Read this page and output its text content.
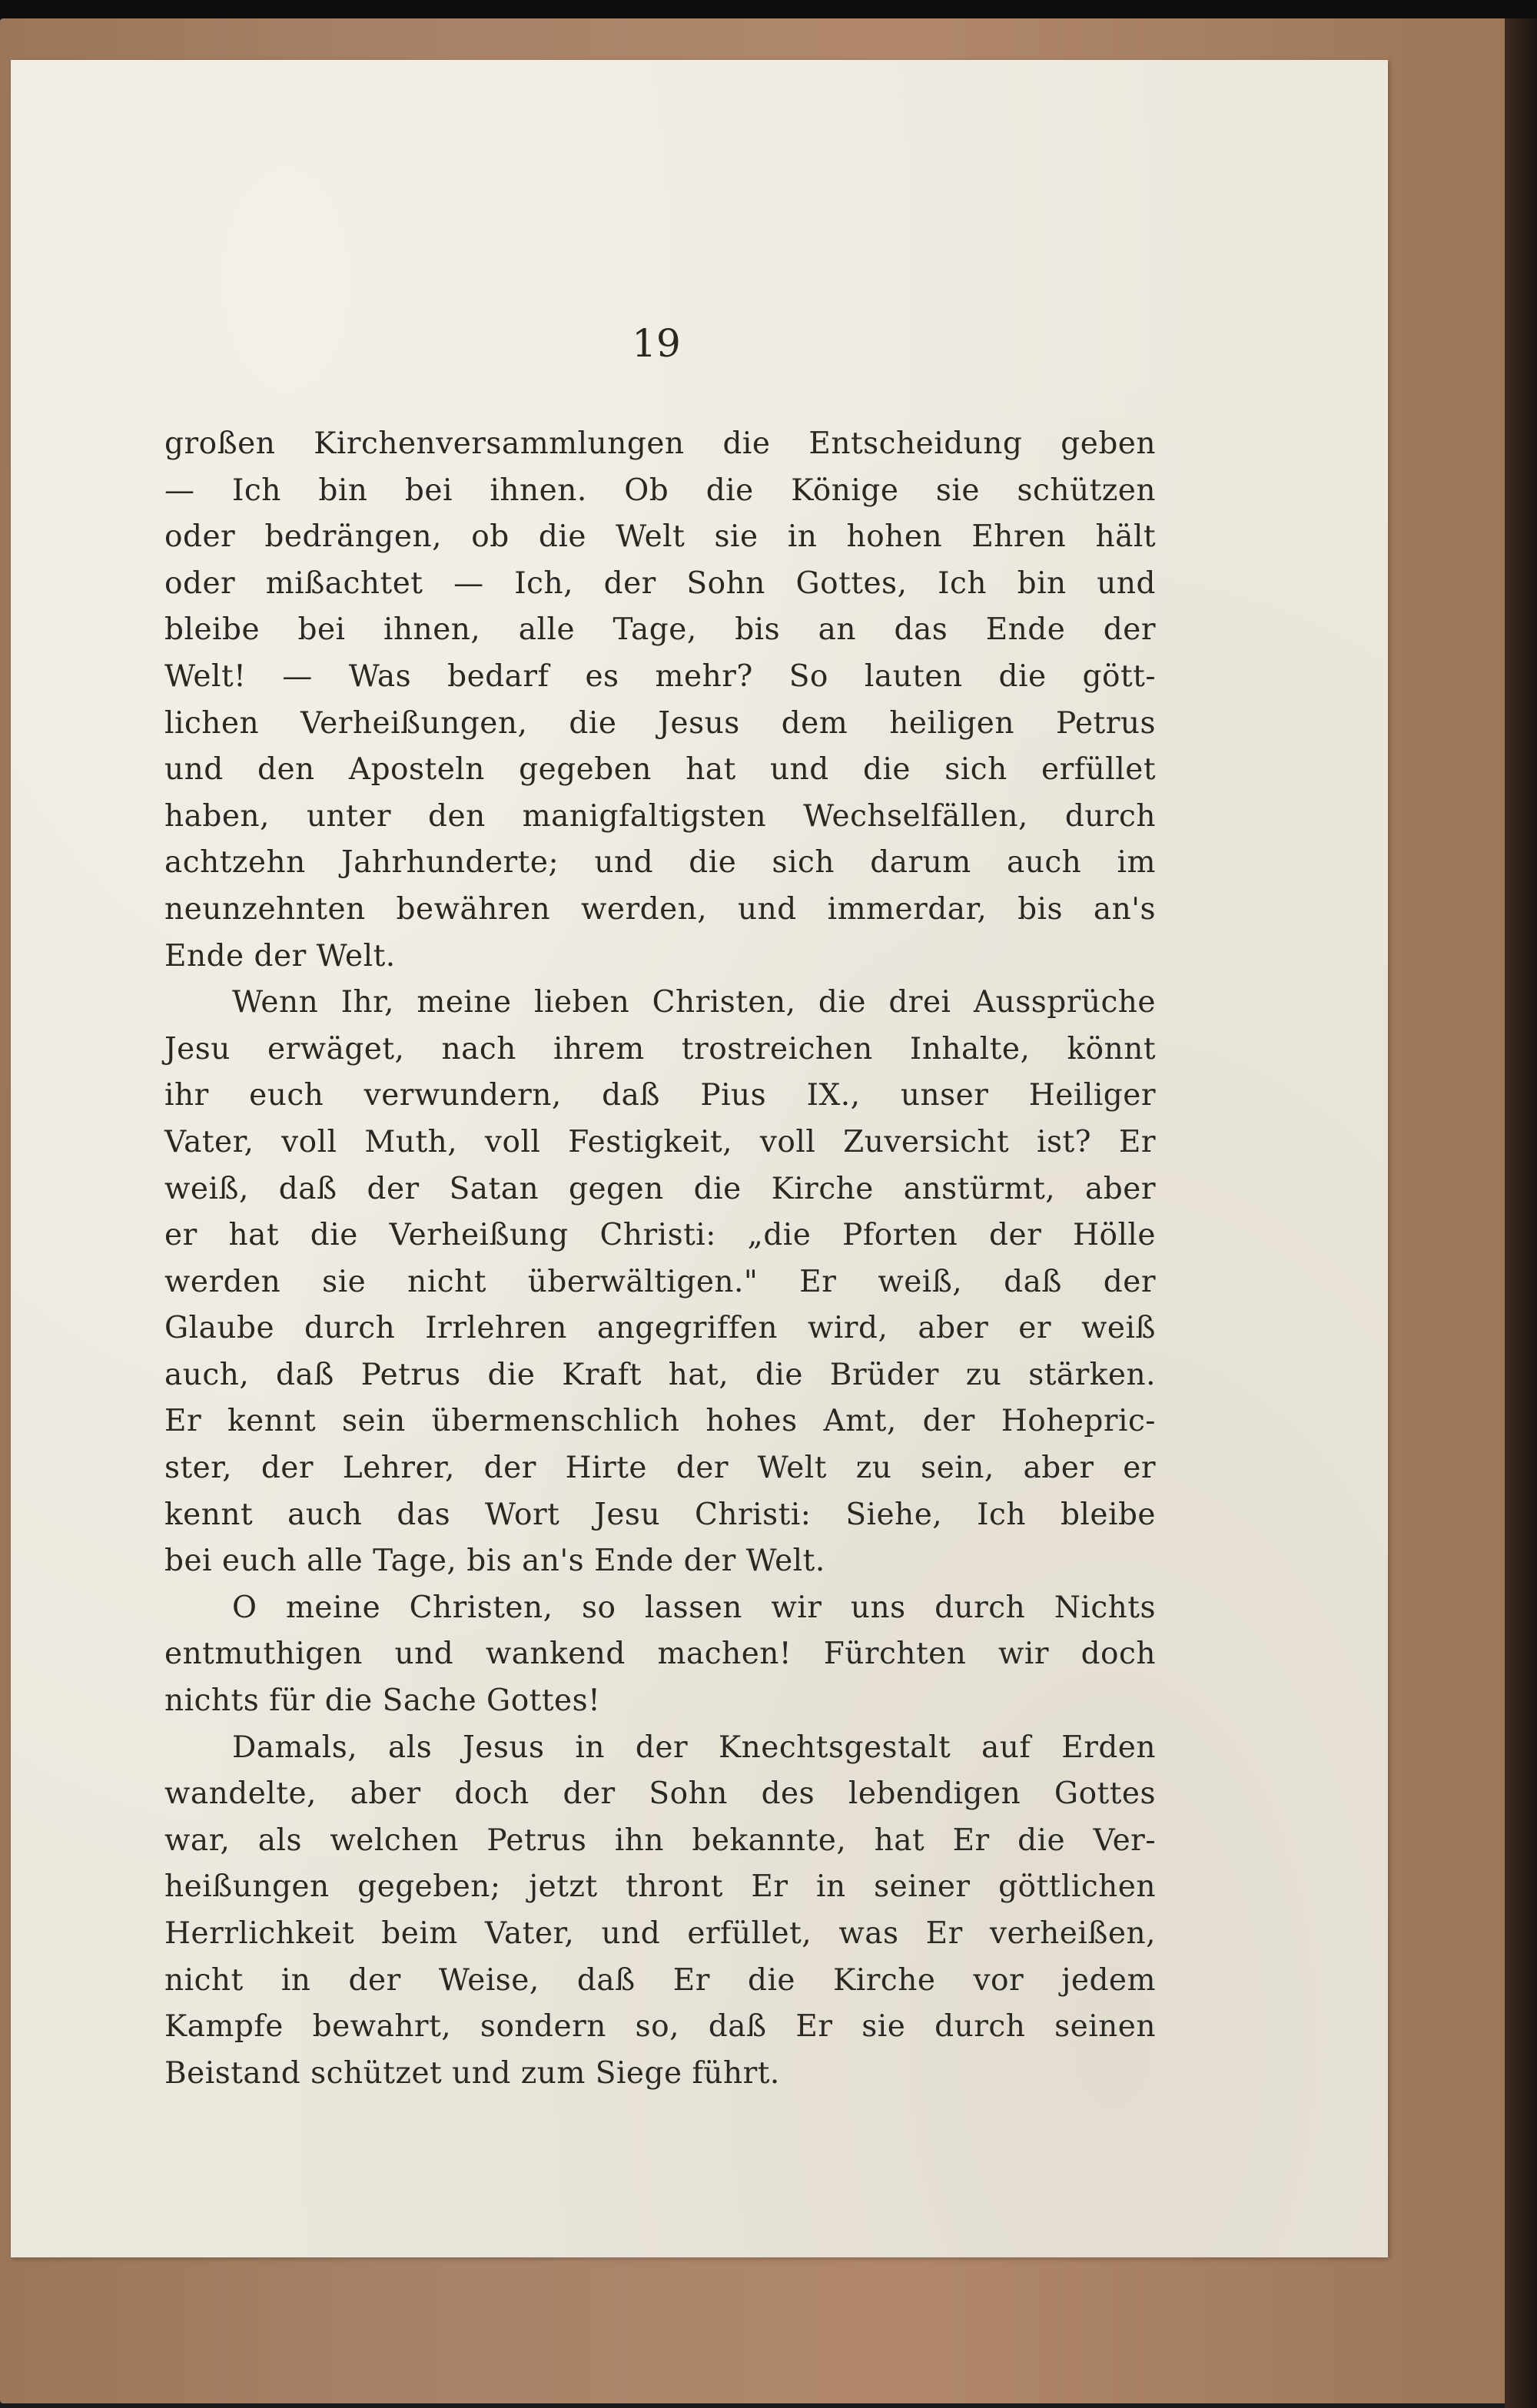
19
großen Kirchenversammlungen die Entscheidung geben
— Ich bin bei ihnen. Ob die Könige sie schützen
oder bedrängen, ob die Welt sie in hohen Ehren hält
oder mißachtet — Ich, der Sohn Gottes, Ich bin und
bleibe bei ihnen, alle Tage, bis an das Ende der
Welt! — Was bedarf es mehr? So lauten die gött-
lichen Verheißungen, die Jesus dem heiligen Petrus
und den Aposteln gegeben hat und die sich erfüllet
haben, unter den manigfaltigsten Wechselfällen, durch
achtzehn Jahrhunderte; und die sich darum auch im
neunzehnten bewähren werden, und immerdar, bis an's
Ende der Welt.
Wenn Ihr, meine lieben Christen, die drei Aussprüche
Jesu erwäget, nach ihrem trostreichen Inhalte, könnt
ihr euch verwundern, daß Pius IX., unser Heiliger
Vater, voll Muth, voll Festigkeit, voll Zuversicht ist? Er
weiß, daß der Satan gegen die Kirche anstürmt, aber
er hat die Verheißung Christi: „die Pforten der Hölle
werden sie nicht überwältigen." Er weiß, daß der
Glaube durch Irrlehren angegriffen wird, aber er weiß
auch, daß Petrus die Kraft hat, die Brüder zu stärken.
Er kennt sein übermenschlich hohes Amt, der Hohepric-
ster, der Lehrer, der Hirte der Welt zu sein, aber er
kennt auch das Wort Jesu Christi: Siehe, Ich bleibe
bei euch alle Tage, bis an's Ende der Welt.
O meine Christen, so lassen wir uns durch Nichts
entmuthigen und wankend machen! Fürchten wir doch
nichts für die Sache Gottes!
Damals, als Jesus in der Knechtsgestalt auf Erden
wandelte, aber doch der Sohn des lebendigen Gottes
war, als welchen Petrus ihn bekannte, hat Er die Ver-
heißungen gegeben; jetzt thront Er in seiner göttlichen
Herrlichkeit beim Vater, und erfüllet, was Er verheißen,
nicht in der Weise, daß Er die Kirche vor jedem
Kampfe bewahrt, sondern so, daß Er sie durch seinen
Beistand schützet und zum Siege führt.
